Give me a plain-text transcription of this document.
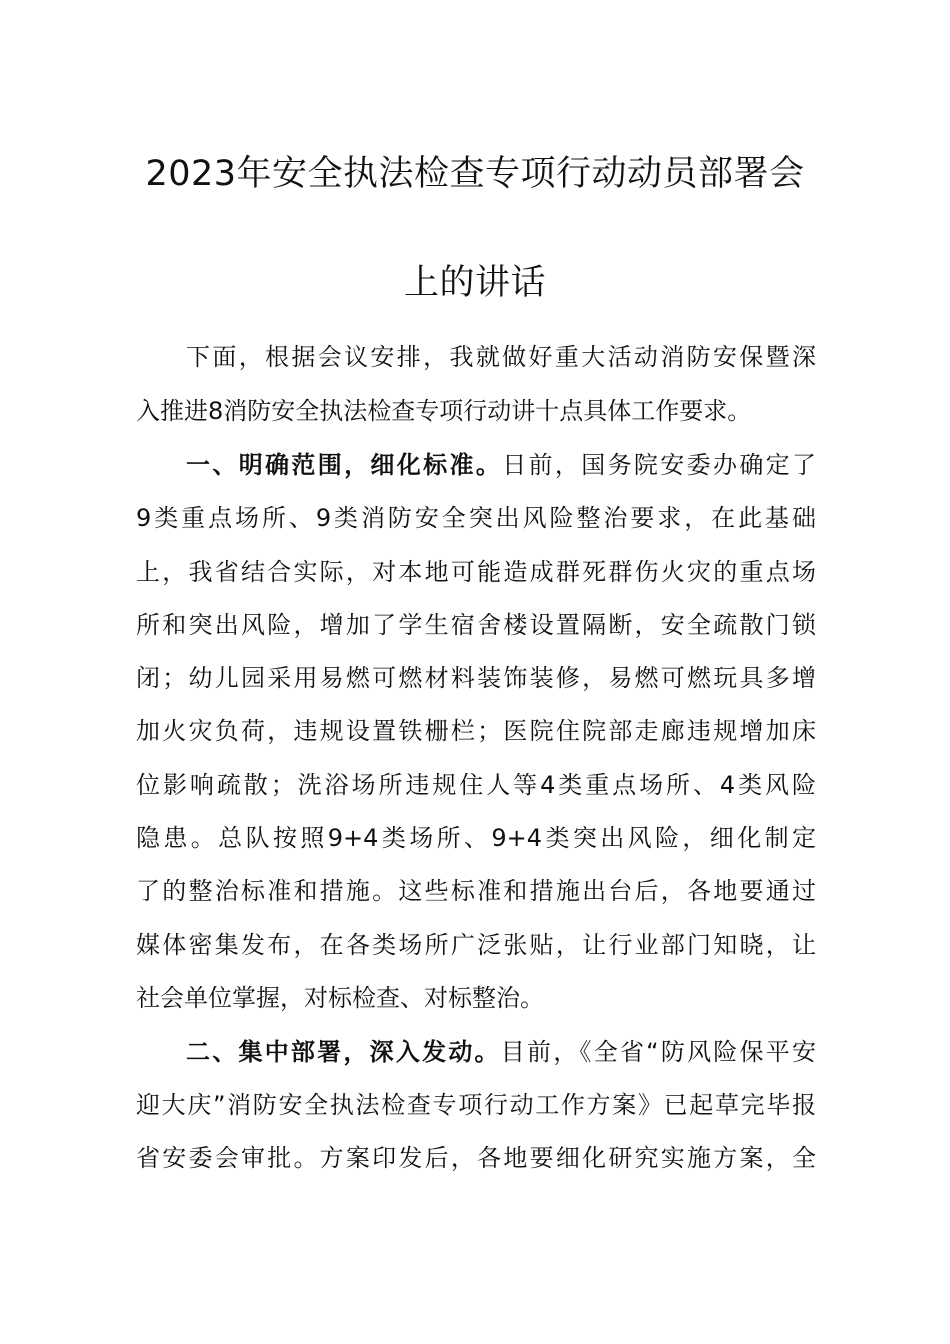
2023年安全执法检查专项行动动员部署会
上的讲话
下面，根据会议安排，我就做好重大活动消防安保暨深
入推进8消防安全执法检查专项行动讲十点具体工作要求。
一、明确范围，细化标准。日前，国务院安委办确定了
9类重点场所、9类消防安全突出风险整治要求，在此基础
上，我省结合实际，对本地可能造成群死群伤火灾的重点场
所和突出风险，增加了学生宿舍楼设置隔断，安全疏散门锁
闭；幼儿园采用易燃可燃材料装饰装修，易燃可燃玩具多增
加火灾负荷，违规设置铁栅栏；医院住院部走廊违规增加床
位影响疏散；洗浴场所违规住人等4类重点场所、4类风险
隐患。总队按照9+4类场所、9+4类突出风险，细化制定
了的整治标准和措施。这些标准和措施出台后，各地要通过
媒体密集发布，在各类场所广泛张贴，让行业部门知晓，让
社会单位掌握，对标检查、对标整治。
二、集中部署，深入发动。目前，《全省“防风险保平安
迎大庆”消防安全执法检查专项行动工作方案》已起草完毕报
省安委会审批。方案印发后，各地要细化研究实施方案，全
